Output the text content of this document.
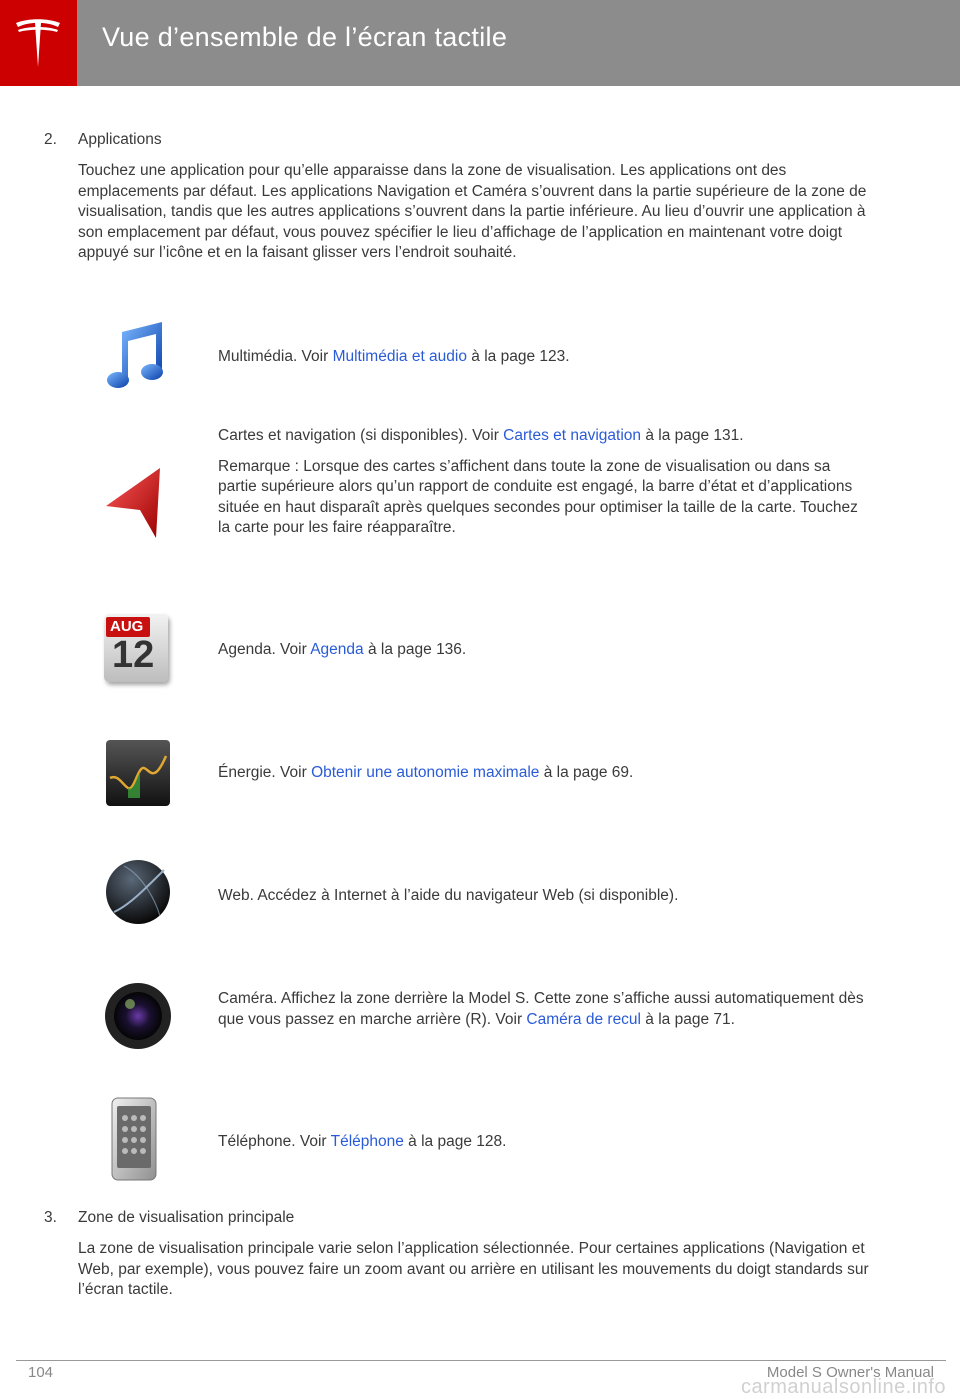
Vue d’ensemble de l’écran tactile
2. Applications
Touchez une application pour qu’elle apparaisse dans la zone de visualisation. Les applications ont des emplacements par défaut. Les applications Navigation et Caméra s’ouvrent dans la partie supérieure de la zone de visualisation, tandis que les autres applications s’ouvrent dans la partie inférieure. Au lieu d’ouvrir une application à son emplacement par défaut, vous pouvez spécifier le lieu d’affichage de l’application en maintenant votre doigt appuyé sur l’icône et en la faisant glisser vers l’endroit souhaité.

Multimédia. Voir Multimédia et audio à la page 123.

Cartes et navigation (si disponibles). Voir Cartes et navigation à la page 131.

Remarque : Lorsque des cartes s’affichent dans toute la zone de visualisation ou dans sa partie supérieure alors qu’un rapport de conduite est engagé, la barre d’état et d’applications située en haut disparaît après quelques secondes pour optimiser la taille de la carte. Touchez la carte pour les faire réapparaître.

AUG
12	Agenda. Voir Agenda à la page 136.

Énergie. Voir Obtenir une autonomie maximale à la page 69.

Web. Accédez à Internet à l’aide du navigateur Web (si disponible).

Caméra. Affichez la zone derrière la Model S. Cette zone s’affiche aussi automatiquement dès que vous passez en marche arrière (R). Voir Caméra de recul à la page 71.

Téléphone. Voir Téléphone à la page 128.

3. Zone de visualisation principale
La zone de visualisation principale varie selon l’application sélectionnée. Pour certaines applications (Navigation et Web, par exemple), vous pouvez faire un zoom avant ou arrière en utilisant les mouvements du doigt standards sur l’écran tactile.
104	Model S Owner's Manual
carmanualsonline.info
